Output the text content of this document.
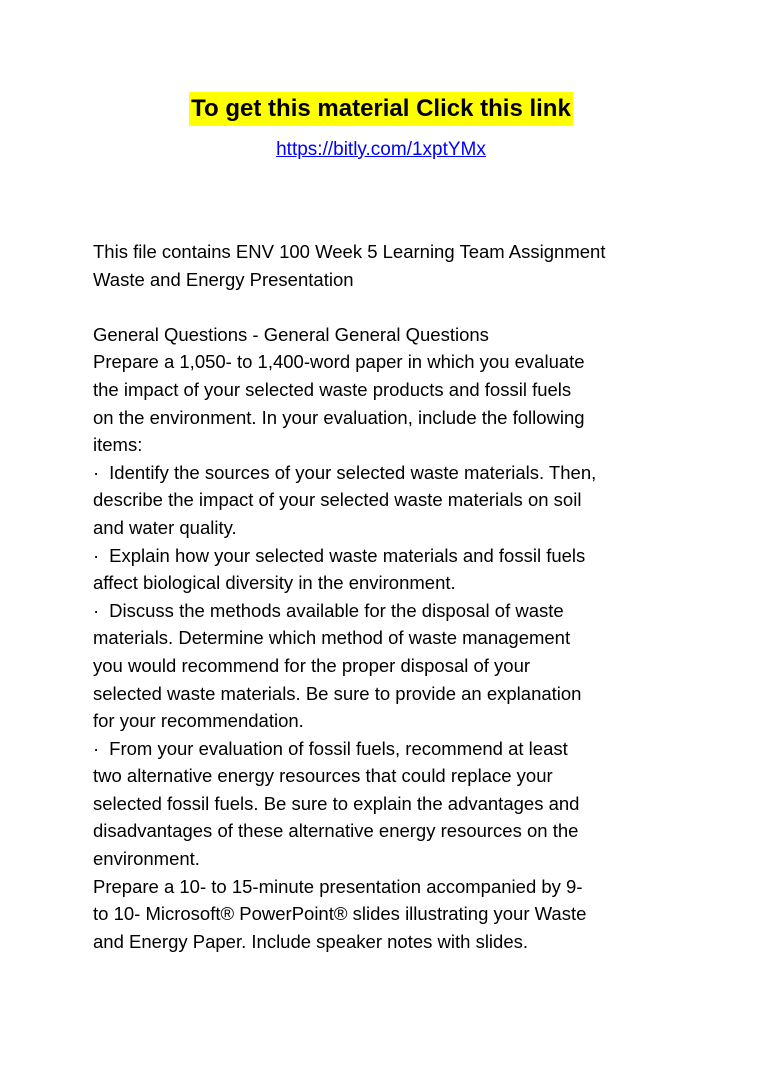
To get this material Click this link
https://bitly.com/1xptYMx

This file contains ENV 100 Week 5 Learning Team Assignment

Waste and Energy Presentation

General Questions - General General Questions

Prepare a 1,050- to 1,400-word paper in which you evaluate

the impact of your selected waste products and fossil fuels

on the environment. In your evaluation, include the following

items:

· Identify the sources of your selected waste materials. Then,

describe the impact of your selected waste materials on soil

and water quality.

· Explain how your selected waste materials and fossil fuels

affect biological diversity in the environment.

· Discuss the methods available for the disposal of waste

materials. Determine which method of waste management

you would recommend for the proper disposal of your

selected waste materials. Be sure to provide an explanation

for your recommendation.

· From your evaluation of fossil fuels, recommend at least

two alternative energy resources that could replace your

selected fossil fuels. Be sure to explain the advantages and

disadvantages of these alternative energy resources on the

environment.

Prepare a 10- to 15-minute presentation accompanied by 9-

to 10- Microsoft® PowerPoint® slides illustrating your Waste

and Energy Paper. Include speaker notes with slides.
